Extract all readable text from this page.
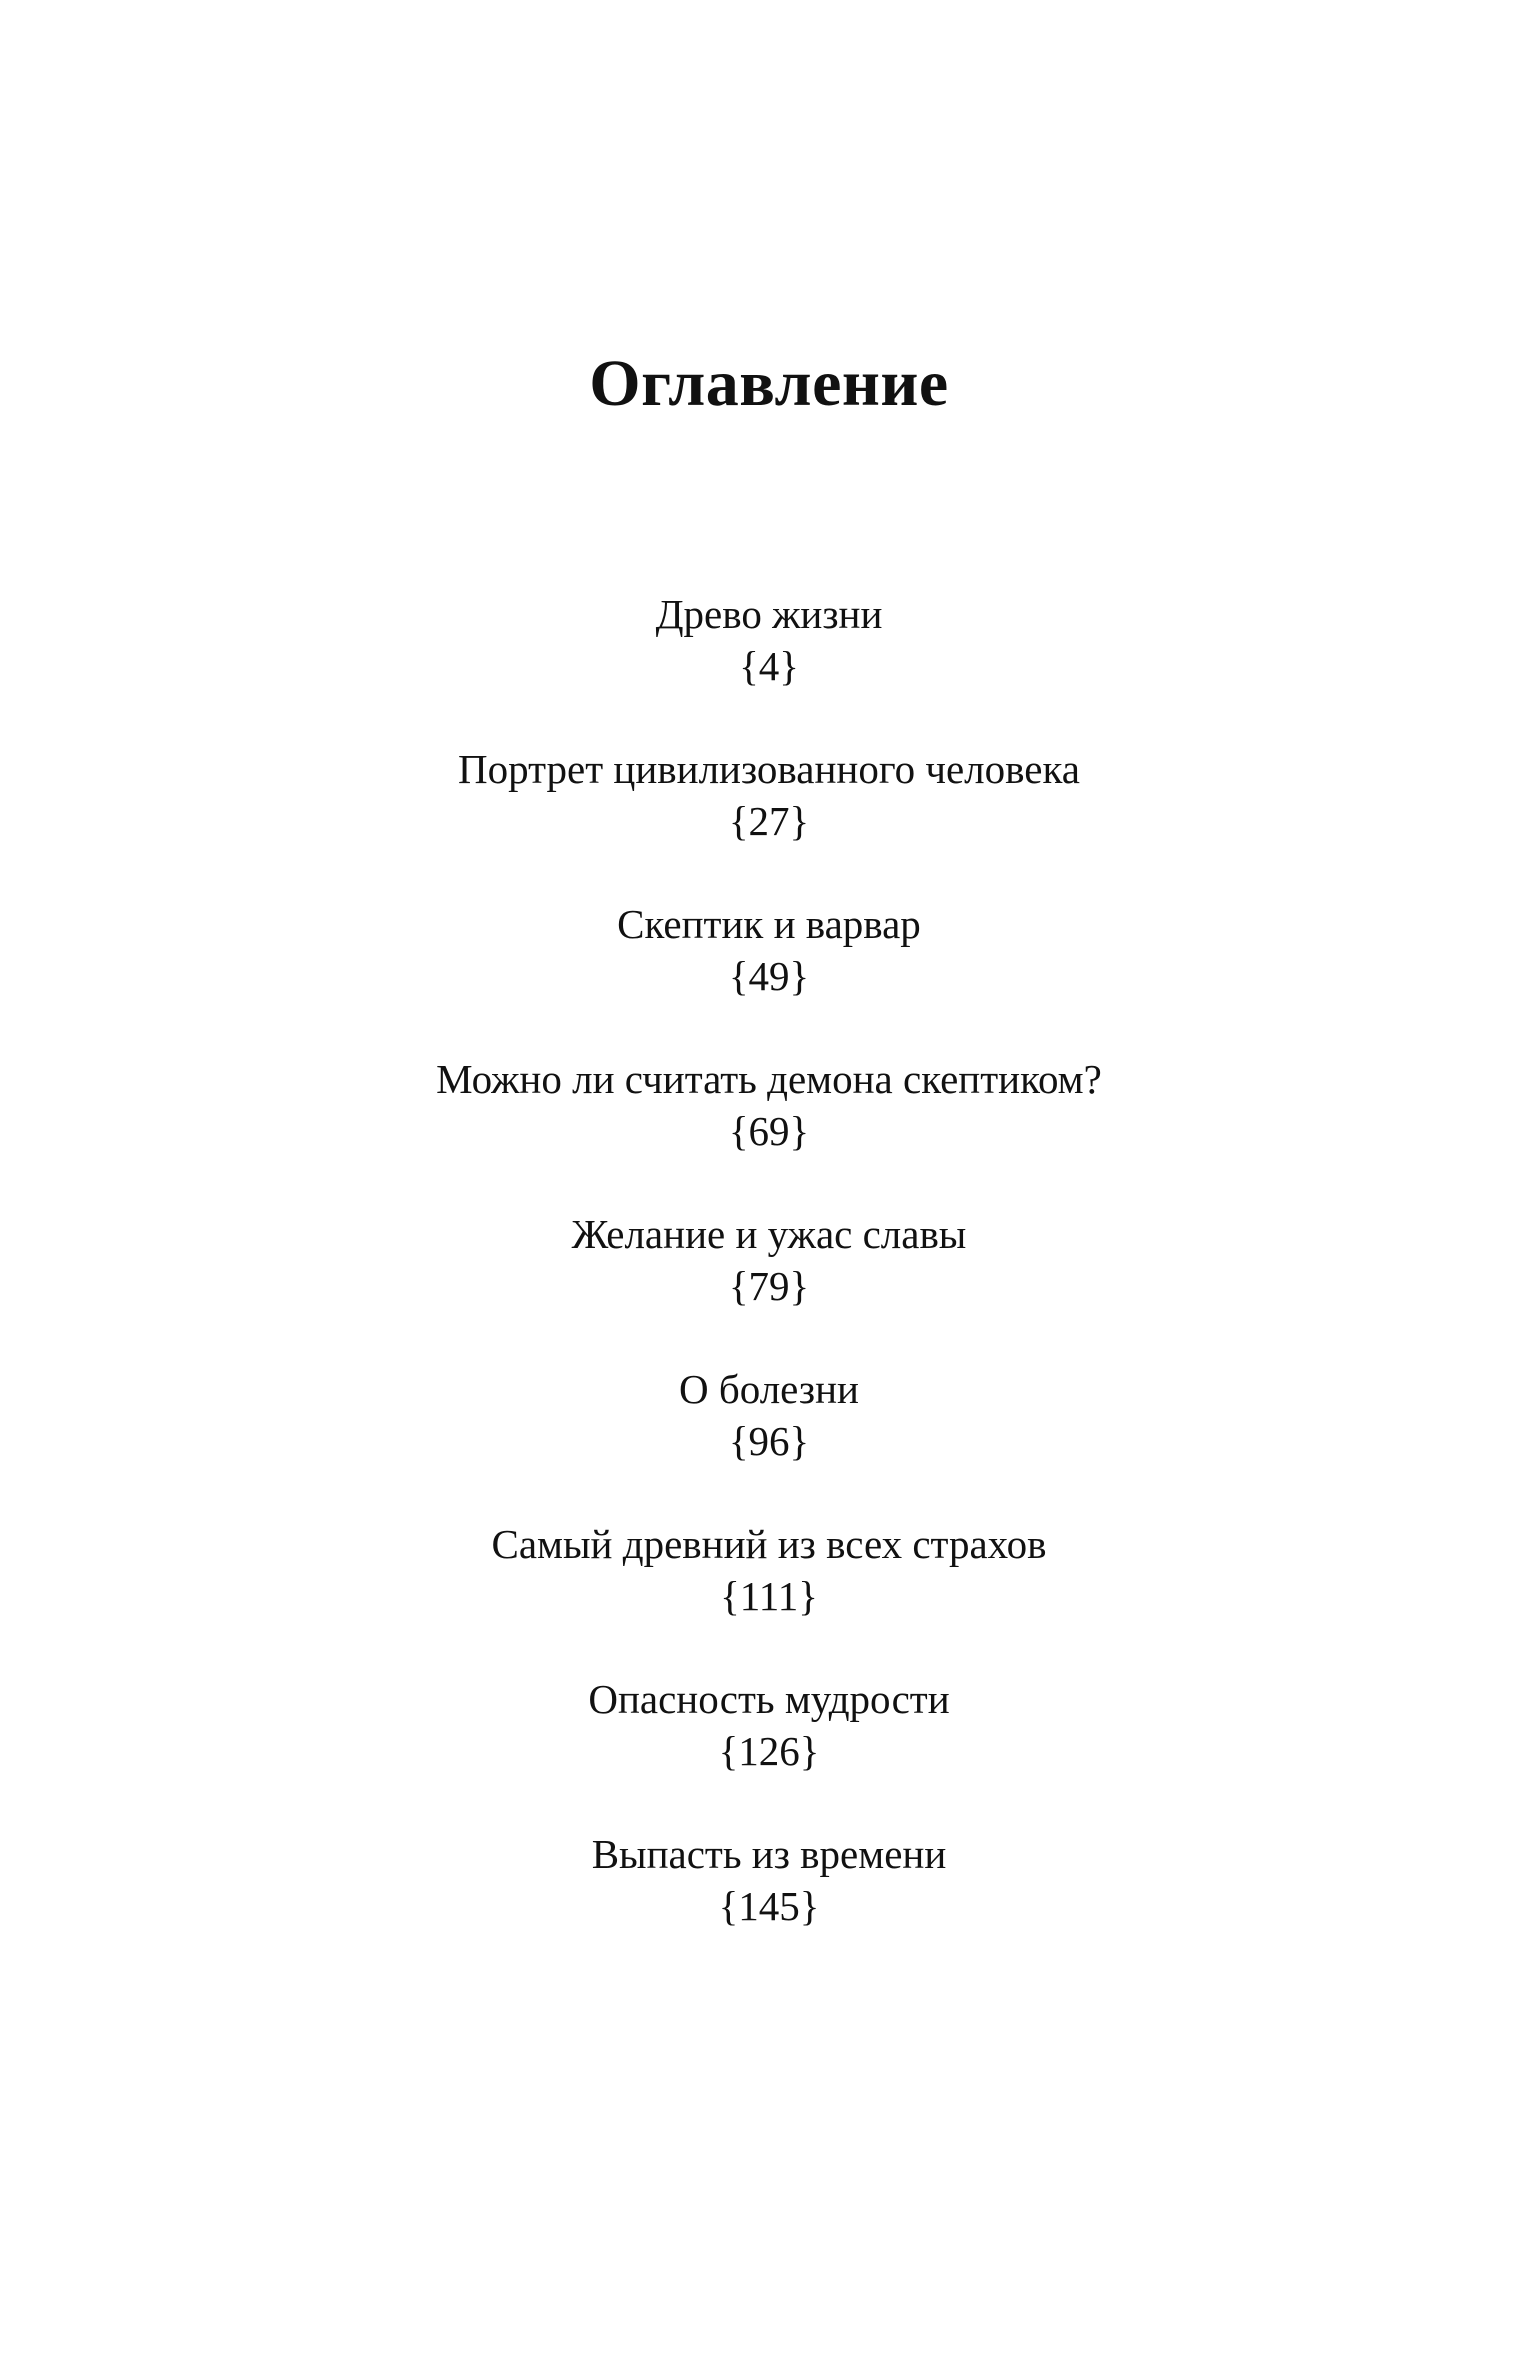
Оглавление
Древо жизни
{4}
Портрет цивилизованного человека
{27}
Скептик и варвар
{49}
Можно ли считать демона скептиком?
{69}
Желание и ужас славы
{79}
О болезни
{96}
Самый древний из всех страхов
{111}
Опасность мудрости
{126}
Выпасть из времени
{145}
